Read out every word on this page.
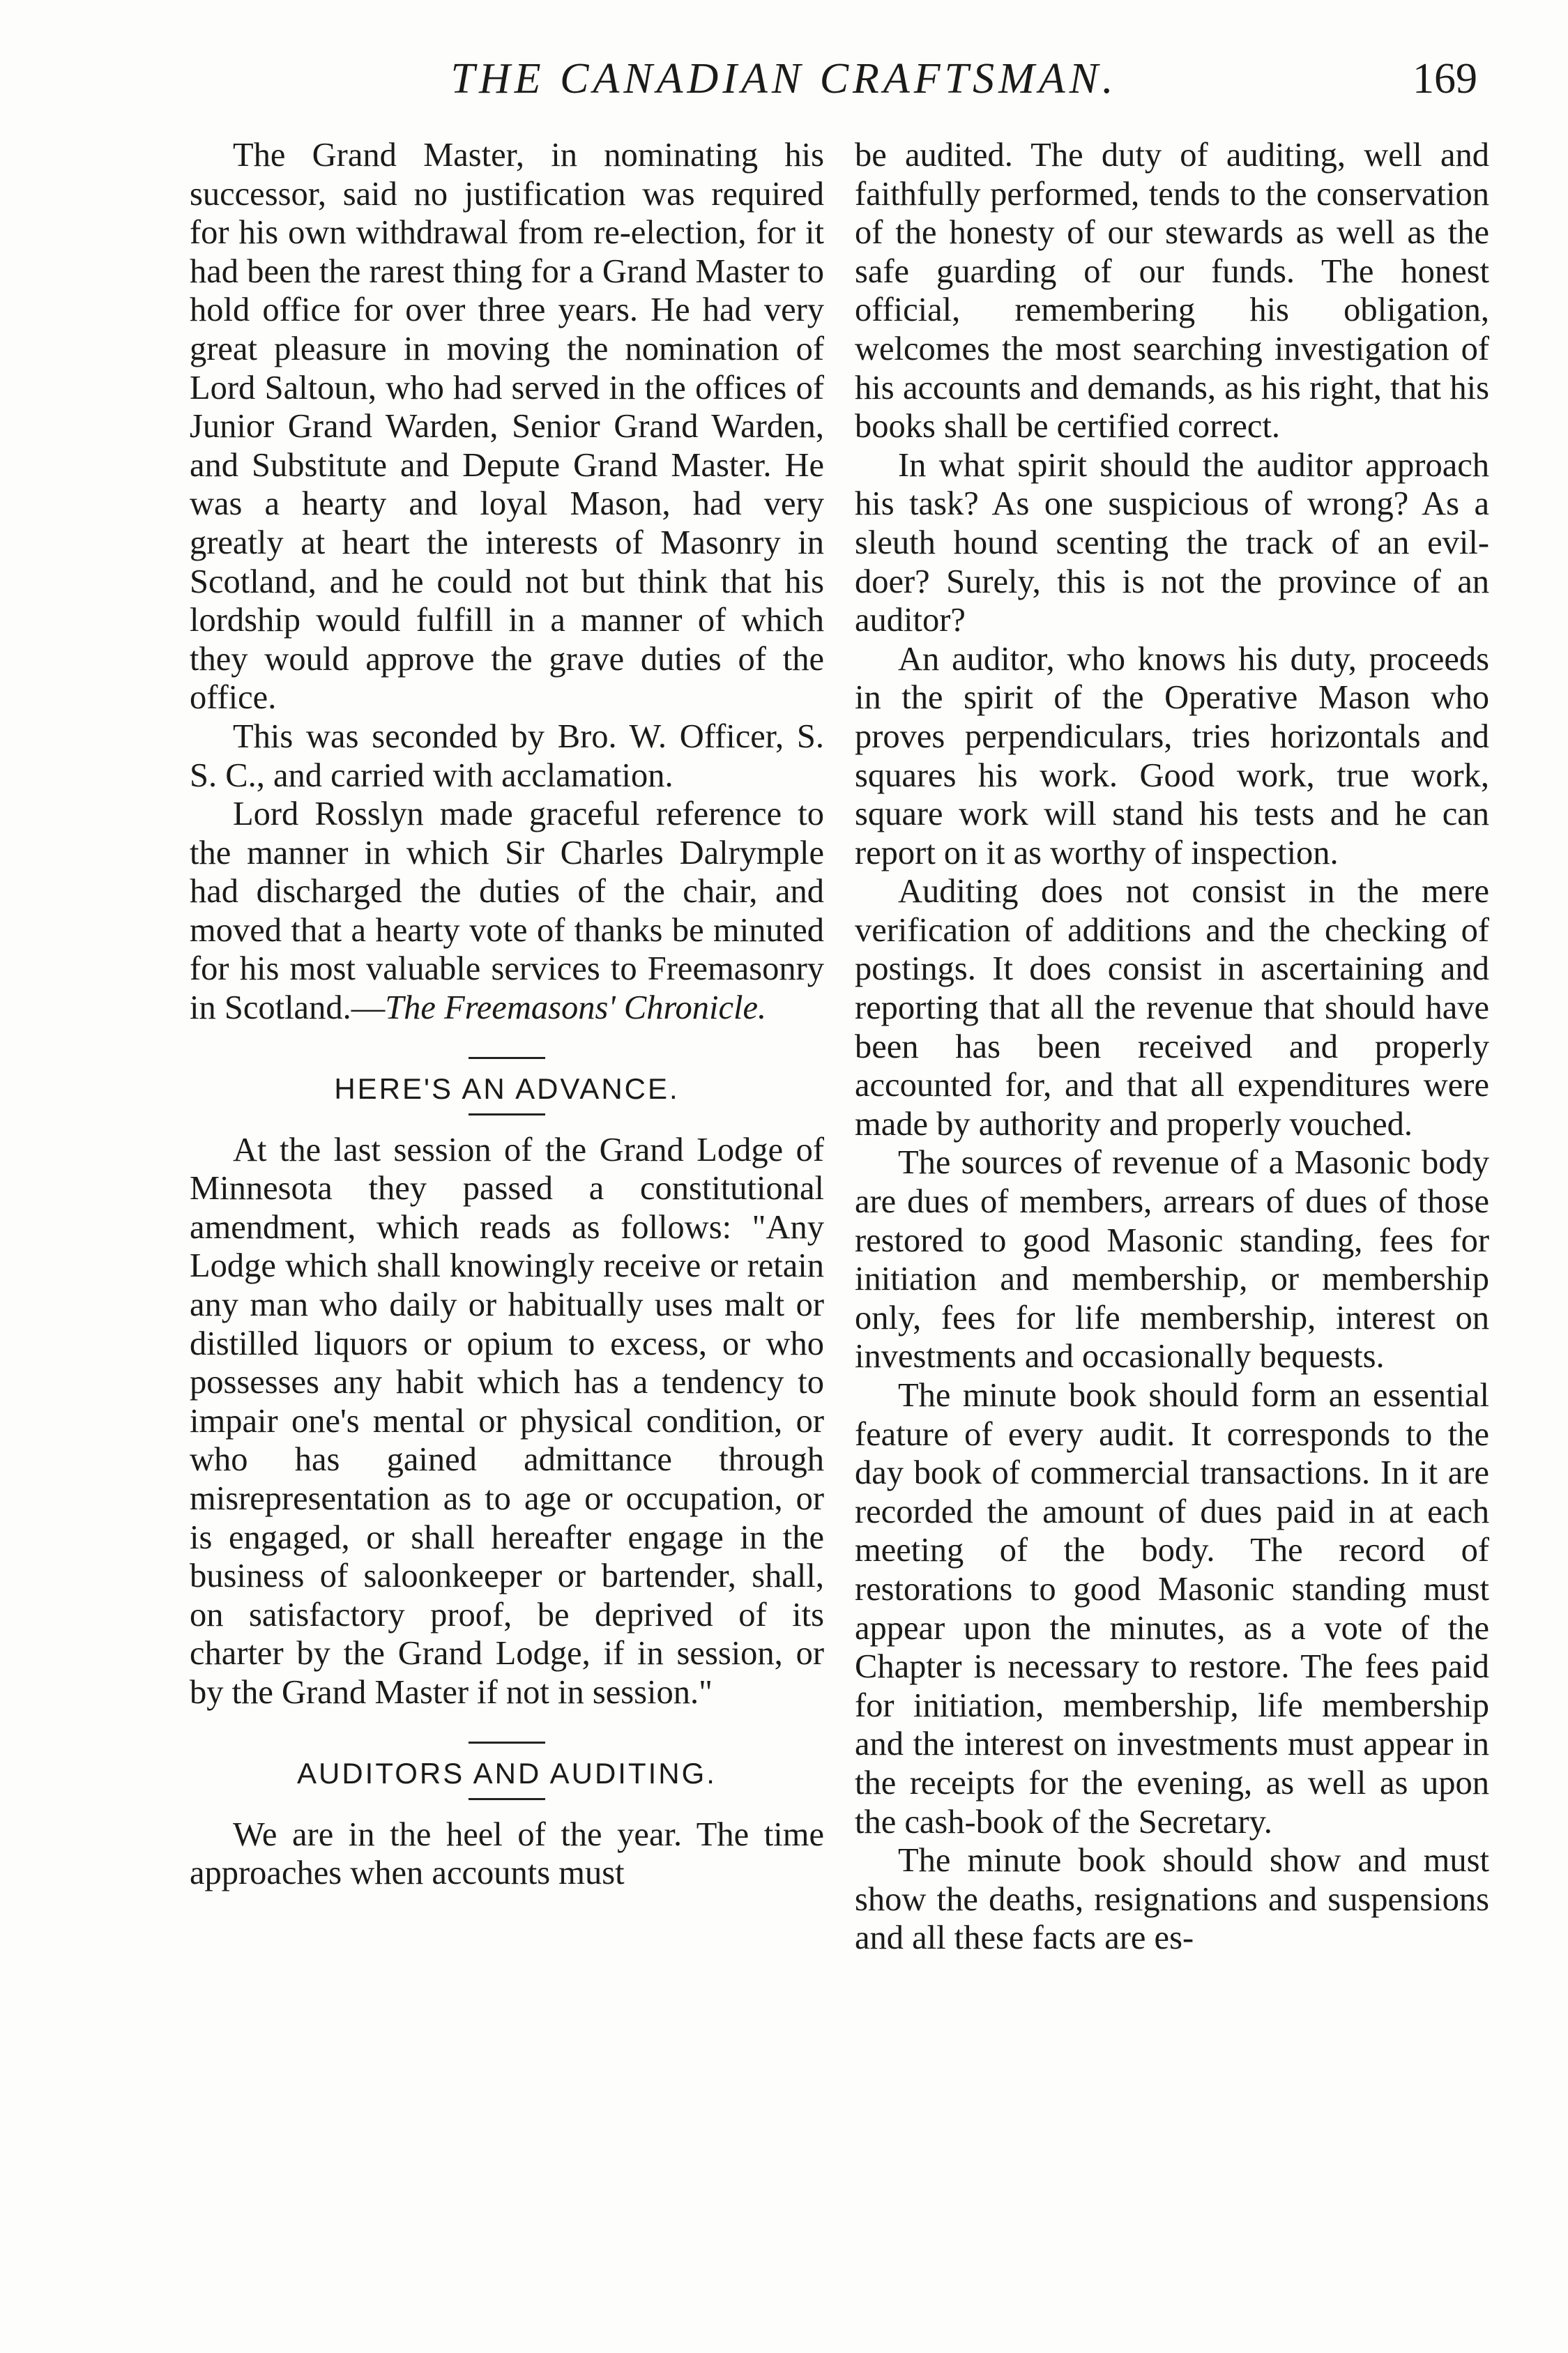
THE CANADIAN CRAFTSMAN.	169

The Grand Master, in nominating his successor, said no justification was required for his own withdrawal from re-election, for it had been the rarest thing for a Grand Master to hold office for over three years. He had very great pleasure in moving the nomination of Lord Saltoun, who had served in the offices of Junior Grand Warden, Senior Grand Warden, and Substitute and Depute Grand Master. He was a hearty and loyal Mason, had very greatly at heart the interests of Masonry in Scotland, and he could not but think that his lordship would fulfill in a manner of which they would approve the grave duties of the office.

This was seconded by Bro. W. Officer, S. S. C., and carried with acclamation.

Lord Rosslyn made graceful reference to the manner in which Sir Charles Dalrymple had discharged the duties of the chair, and moved that a hearty vote of thanks be minuted for his most valuable services to Freemasonry in Scotland.—The Freemasons' Chronicle.

HERE'S AN ADVANCE.

At the last session of the Grand Lodge of Minnesota they passed a constitutional amendment, which reads as follows: "Any Lodge which shall knowingly receive or retain any man who daily or habitually uses malt or distilled liquors or opium to excess, or who possesses any habit which has a tendency to impair one's mental or physical condition, or who has gained admittance through misrepresentation as to age or occupation, or is engaged, or shall hereafter engage in the business of saloonkeeper or bartender, shall, on satisfactory proof, be deprived of its charter by the Grand Lodge, if in session, or by the Grand Master if not in session."

AUDITORS AND AUDITING.

We are in the heel of the year. The time approaches when accounts must

be audited. The duty of auditing, well and faithfully performed, tends to the conservation of the honesty of our stewards as well as the safe guarding of our funds. The honest official, remembering his obligation, welcomes the most searching investigation of his accounts and demands, as his right, that his books shall be certified correct.

In what spirit should the auditor approach his task? As one suspicious of wrong? As a sleuth hound scenting the track of an evil-doer? Surely, this is not the province of an auditor?

An auditor, who knows his duty, proceeds in the spirit of the Operative Mason who proves perpendiculars, tries horizontals and squares his work. Good work, true work, square work will stand his tests and he can report on it as worthy of inspection.

Auditing does not consist in the mere verification of additions and the checking of postings. It does consist in ascertaining and reporting that all the revenue that should have been has been received and properly accounted for, and that all expenditures were made by authority and properly vouched.

The sources of revenue of a Masonic body are dues of members, arrears of dues of those restored to good Masonic standing, fees for initiation and membership, or membership only, fees for life membership, interest on investments and occasionally bequests.

The minute book should form an essential feature of every audit. It corresponds to the day book of commercial transactions. In it are recorded the amount of dues paid in at each meeting of the body. The record of restorations to good Masonic standing must appear upon the minutes, as a vote of the Chapter is necessary to restore. The fees paid for initiation, membership, life membership and the interest on investments must appear in the receipts for the evening, as well as upon the cash-book of the Secretary.

The minute book should show and must show the deaths, resignations and suspensions and all these facts are es-
